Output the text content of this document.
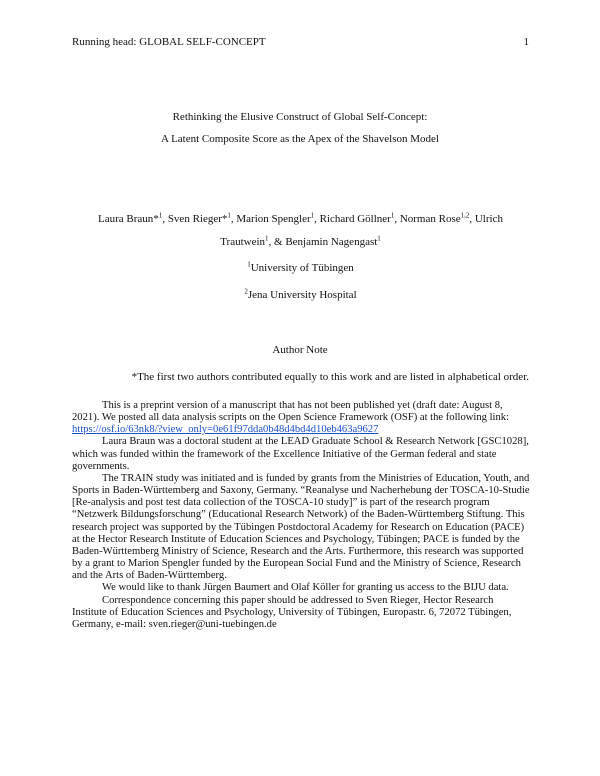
Running head: GLOBAL SELF-CONCEPT	1
Rethinking the Elusive Construct of Global Self-Concept:
A Latent Composite Score as the Apex of the Shavelson Model
Laura Braun*$^1$, Sven Rieger*$^1$, Marion Spengler$^1$, Richard Göllner$^1$, Norman Rose$^{1,2}$, Ulrich Trautwein$^1$, & Benjamin Nagengast$^1$
$^1$University of Tübingen
$^2$Jena University Hospital
Author Note
*The first two authors contributed equally to this work and are listed in alphabetical order.

This is a preprint version of a manuscript that has not been published yet (draft date: August 8, 2021). We posted all data analysis scripts on the Open Science Framework (OSF) at the following link: https://osf.io/63nk8/?view_only=0e61f97dda0b48d4bd4d10eb463a9627

Laura Braun was a doctoral student at the LEAD Graduate School & Research Network [GSC1028], which was funded within the framework of the Excellence Initiative of the German federal and state governments.

The TRAIN study was initiated and is funded by grants from the Ministries of Education, Youth, and Sports in Baden-Württemberg and Saxony, Germany. “Reanalyse und Nacherhebung der TOSCA-10-Studie [Re-analysis and post test data collection of the TOSCA-10 study]” is part of the research program “Netzwerk Bildungsforschung” (Educational Research Network) of the Baden-Württemberg Stiftung. This research project was supported by the Tübingen Postdoctoral Academy for Research on Education (PACE) at the Hector Research Institute of Education Sciences and Psychology, Tübingen; PACE is funded by the Baden-Württemberg Ministry of Science, Research and the Arts. Furthermore, this research was supported by a grant to Marion Spengler funded by the European Social Fund and the Ministry of Science, Research and the Arts of Baden-Württemberg.

We would like to thank Jürgen Baumert and Olaf Köller for granting us access to the BIJU data.

Correspondence concerning this paper should be addressed to Sven Rieger, Hector Research Institute of Education Sciences and Psychology, University of Tübingen, Europastr. 6, 72072 Tübingen, Germany, e-mail: sven.rieger@uni-tuebingen.de
